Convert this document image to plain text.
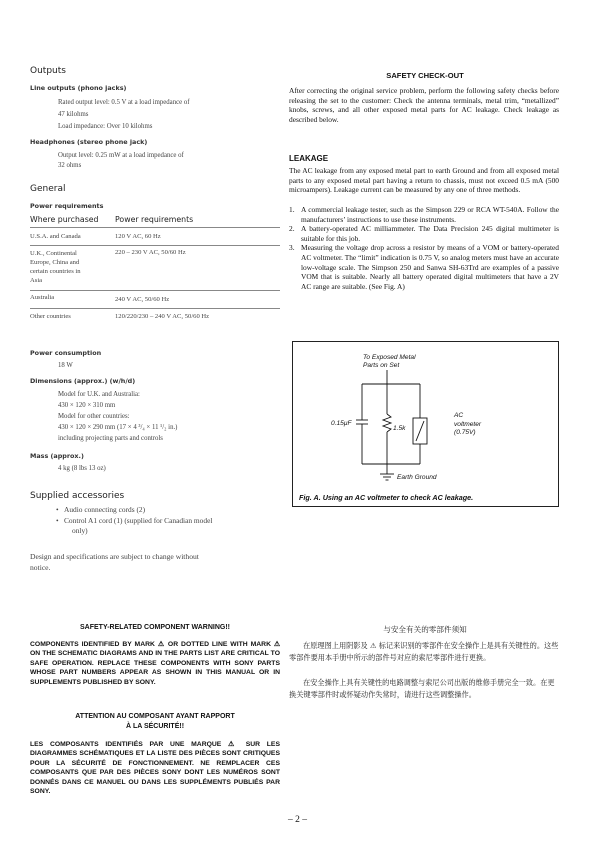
Outputs
Line outputs (phono jacks)
Rated output level: 0.5 V at a load impedance of
47 kilohms
Load impedance: Over 10 kilohms
Headphones (stereo phone jack)
Output level: 0.25 mW at a load impedance of
32 ohms
General
Power requirements
Where purchased	Power requirements
U.S.A. and Canada	120 V AC, 60 Hz

U.K., Continental
Europe, China and
certain countries in
Asia	220 – 230 V AC, 50/60 Hz
Australia	240 V AC, 50/60 Hz
Other countries	120/220/230 – 240 V AC, 50/60 Hz
Power consumption
18 W
Dimensions (approx.) (w/h/d)
Model for U.K. and Australia:
430 × 120 × 310 mm
Model for other countries:
430 × 120 × 290 mm (17 × 4 ³/₄ × 11 ¹/₂ in.)
including projecting parts and controls
Mass (approx.)
4 kg (8 lbs 13 oz)
Supplied accessories
• Audio connecting cords (2)
• Control A1 cord (1) (supplied for Canadian model
only)
Design and specifications are subject to change without
notice.
SAFETY CHECK-OUT
After correcting the original service problem, perform the following safety checks before releasing the set to the customer: Check the antenna terminals, metal trim, “metallized” knobs, screws, and all other exposed metal parts for AC leakage. Check leakage as described below.
LEAKAGE
The AC leakage from any exposed metal part to earth Ground and from all exposed metal parts to any exposed metal part having a return to chassis, must not exceed 0.5 mA (500 microampers). Leakage current can be measured by any one of three methods.
1. A commercial leakage tester, such as the Simpson 229 or RCA WT-540A. Follow the manufacturers’ instructions to use these instruments.
2. A battery-operated AC milliammeter. The Data Precision 245 digital multimeter is suitable for this job.
3. Measuring the voltage drop across a resistor by means of a VOM or battery-operated AC voltmeter. The “limit” indication is 0.75 V, so analog meters must have an accurate low-voltage scale. The Simpson 250 and Sanwa SH-63Trd are examples of a passive VOM that is suitable. Nearly all battery operated digital multimeters that have a 2V AC range are suitable. (See Fig. A)
To Exposed Metal
Parts on Set
0.15μF
1.5k
AC
voltmeter
(0.75V)
Earth Ground
Fig. A. Using an AC voltmeter to check AC leakage.
SAFETY-RELATED COMPONENT WARNING!!
COMPONENTS IDENTIFIED BY MARK ⚠ OR DOTTED LINE WITH MARK ⚠ ON THE SCHEMATIC DIAGRAMS AND IN THE PARTS LIST ARE CRITICAL TO SAFE OPERATION. REPLACE THESE COMPONENTS WITH SONY PARTS WHOSE PART NUMBERS APPEAR AS SHOWN IN THIS MANUAL OR IN SUPPLEMENTS PUBLISHED BY SONY.
ATTENTION AU COMPOSANT AYANT RAPPORT
À LA SÉCURITÉ!!
LES COMPOSANTS IDENTIFIÉS PAR UNE MARQUE ⚠ SUR LES DIAGRAMMES SCHÉMATIQUES ET LA LISTE DES PIÈCES SONT CRITIQUES POUR LA SÉCURITÉ DE FONCTIONNEMENT. NE REMPLACER CES COMPOSANTS QUE PAR DES PIÈCES SONY DONT LES NUMÉROS SONT DONNÉS DANS CE MANUEL OU DANS LES SUPPLÉMENTS PUBLIÉS PAR SONY.
与安全有关的零部件须知
在原理图上用阴影及 ⚠ 标记来识别的零部件在安全操作上是具有关键性的。这些零部件要用本手册中所示的部件号对应的索尼零部件进行更换。
在安全操作上具有关键性的电路调整与索尼公司出版的维修手册完全一致。在更换关键零部件时或怀疑动作失常时，请进行这些调整操作。
– 2 –
